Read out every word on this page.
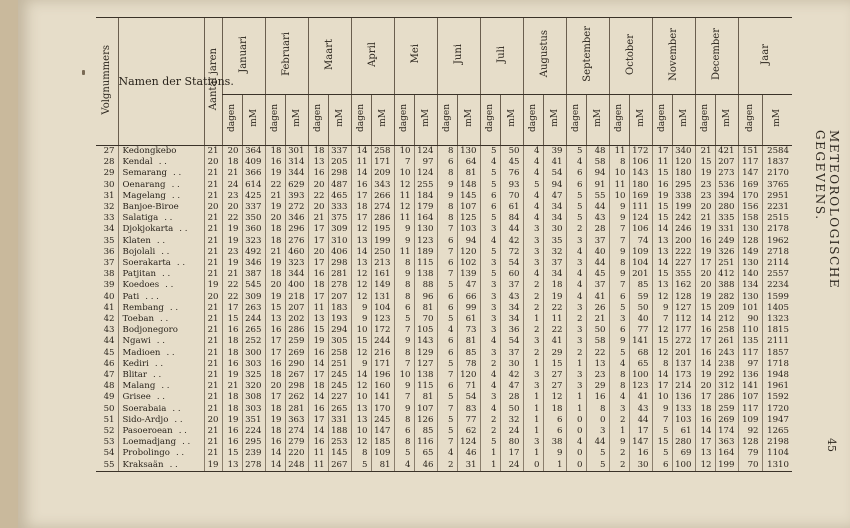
METEOROLOGISCHE GEGEVENS.
45
Volgnummers	Namen der Stations.	Aantal jaren	Januari		Februari		Maart		April		Mei		Juni		Juli		Augustus		September		October		November		December		Jaar	
			dagen	mM	dagen	mM	dagen	mM	dagen	mM	dagen	mM	dagen	mM	dagen	mM	dagen	mM	dagen	mM	dagen	mM	dagen	mM	dagen	mM	dagen	mM
27	Kedongkebo	21	20	364	18	301	18	337	14	258	10	124	8	130	5	50	4	39	5	48	11	172	17	340	21	421	151	2584
28	Kendal . .	20	18	409	16	314	13	205	11	171	7	97	6	64	4	45	4	41	4	58	8	106	11	120	15	207	117	1837
29	Semarang . .	21	21	366	19	344	16	298	14	209	10	124	8	81	5	76	4	54	6	94	10	143	15	180	19	273	147	2170
30	Oenarang . .	21	24	614	22	629	20	487	16	343	12	255	9	148	5	93	5	94	6	91	11	180	16	295	23	536	169	3765
31	Magelang . .	21	23	425	21	393	22	465	17	266	11	184	9	145	6	70	4	47	5	55	10	169	19	338	23	394	170	2951
32	Banjoe-Biroe	20	20	337	19	272	20	333	18	274	12	179	8	107	6	61	4	34	5	44	9	111	15	199	20	280	156	2231
33	Salatiga . .	21	22	350	20	346	21	375	17	286	11	164	8	125	5	84	4	34	5	43	9	124	15	242	21	335	158	2515
34	Djokjokarta . .	21	19	360	18	296	17	309	12	195	9	130	7	103	3	44	3	30	2	28	7	106	14	246	19	331	130	2178
35	Klaten . .	21	19	323	18	276	17	310	13	199	9	123	6	94	4	42	3	35	3	37	7	74	13	200	16	249	128	1962
36	Bojolali . .	21	23	492	21	460	20	406	14	250	11	189	7	120	5	72	3	32	4	40	9	109	13	222	19	326	149	2718
37	Soerakarta . .	21	19	346	19	323	17	298	13	213	8	115	6	102	3	54	3	37	3	44	8	104	14	227	17	251	130	2114
38	Patjitan . .	21	21	387	18	344	16	281	12	161	9	138	7	139	5	60	4	34	4	45	9	201	15	355	20	412	140	2557
39	Koedoes . .	19	22	545	20	400	18	278	12	149	8	88	5	47	3	37	2	18	4	37	7	85	13	162	20	388	134	2234
40	Pati . . .	20	22	309	19	218	17	207	12	131	8	96	6	66	3	43	2	19	4	41	6	59	12	128	19	282	130	1599
41	Rembang . .	21	17	263	15	207	11	183	9	104	6	81	6	99	3	34	2	22	3	26	5	50	9	127	15	209	101	1405
42	Toeban . .	21	15	244	13	202	13	193	9	123	5	70	5	61	3	34	1	11	2	21	3	40	7	112	14	212	90	1323
43	Bodjonegoro	21	16	265	16	286	15	294	10	172	7	105	4	73	3	36	2	22	3	50	6	77	12	177	16	258	110	1815
44	Ngawi . .	21	18	252	17	259	19	305	15	244	9	143	6	81	4	54	3	41	3	58	9	141	15	272	17	261	135	2111
45	Madioen . .	21	18	300	17	269	16	258	12	216	8	129	6	85	3	37	2	29	2	22	5	68	12	201	16	243	117	1857
46	Kediri . .	21	16	303	16	290	14	251	9	171	7	127	5	78	2	30	1	15	1	13	4	65	8	137	14	238	97	1718
47	Blitar . .	21	19	325	18	267	17	245	14	196	10	138	7	120	4	42	3	27	3	23	8	100	14	173	19	292	136	1948
48	Malang . .	21	21	320	20	298	18	245	12	160	9	115	6	71	4	47	3	27	3	29	8	123	17	214	20	312	141	1961
49	Grisee . .	21	18	308	17	262	14	227	10	141	7	81	5	54	3	28	1	12	1	16	4	41	10	136	17	286	107	1592
50	Soerabaia . .	21	18	303	18	281	16	265	13	170	9	107	7	83	4	50	1	18	1	8	3	43	9	133	18	259	117	1720
51	Sido-Ardjo . .	20	19	351	19	363	17	331	13	245	8	126	5	77	2	32	1	6	0	0	2	44	7	103	16	269	109	1947
52	Pasoeroean . .	21	16	224	18	274	14	188	10	147	6	85	5	62	2	24	1	6	0	3	1	17	5	61	14	174	92	1265
53	Loemadjang . .	21	16	295	16	279	16	253	12	185	8	116	7	124	5	80	3	38	4	44	9	147	15	280	17	363	128	2198
54	Probolingo . .	21	15	239	14	220	11	145	8	109	5	65	4	46	1	17	1	9	0	5	2	16	5	69	13	164	79	1104
55	Kraksaän . .	19	13	278	14	248	11	267	5	81	4	46	2	31	1	24	0	1	0	5	2	30	6	100	12	199	70	1310
